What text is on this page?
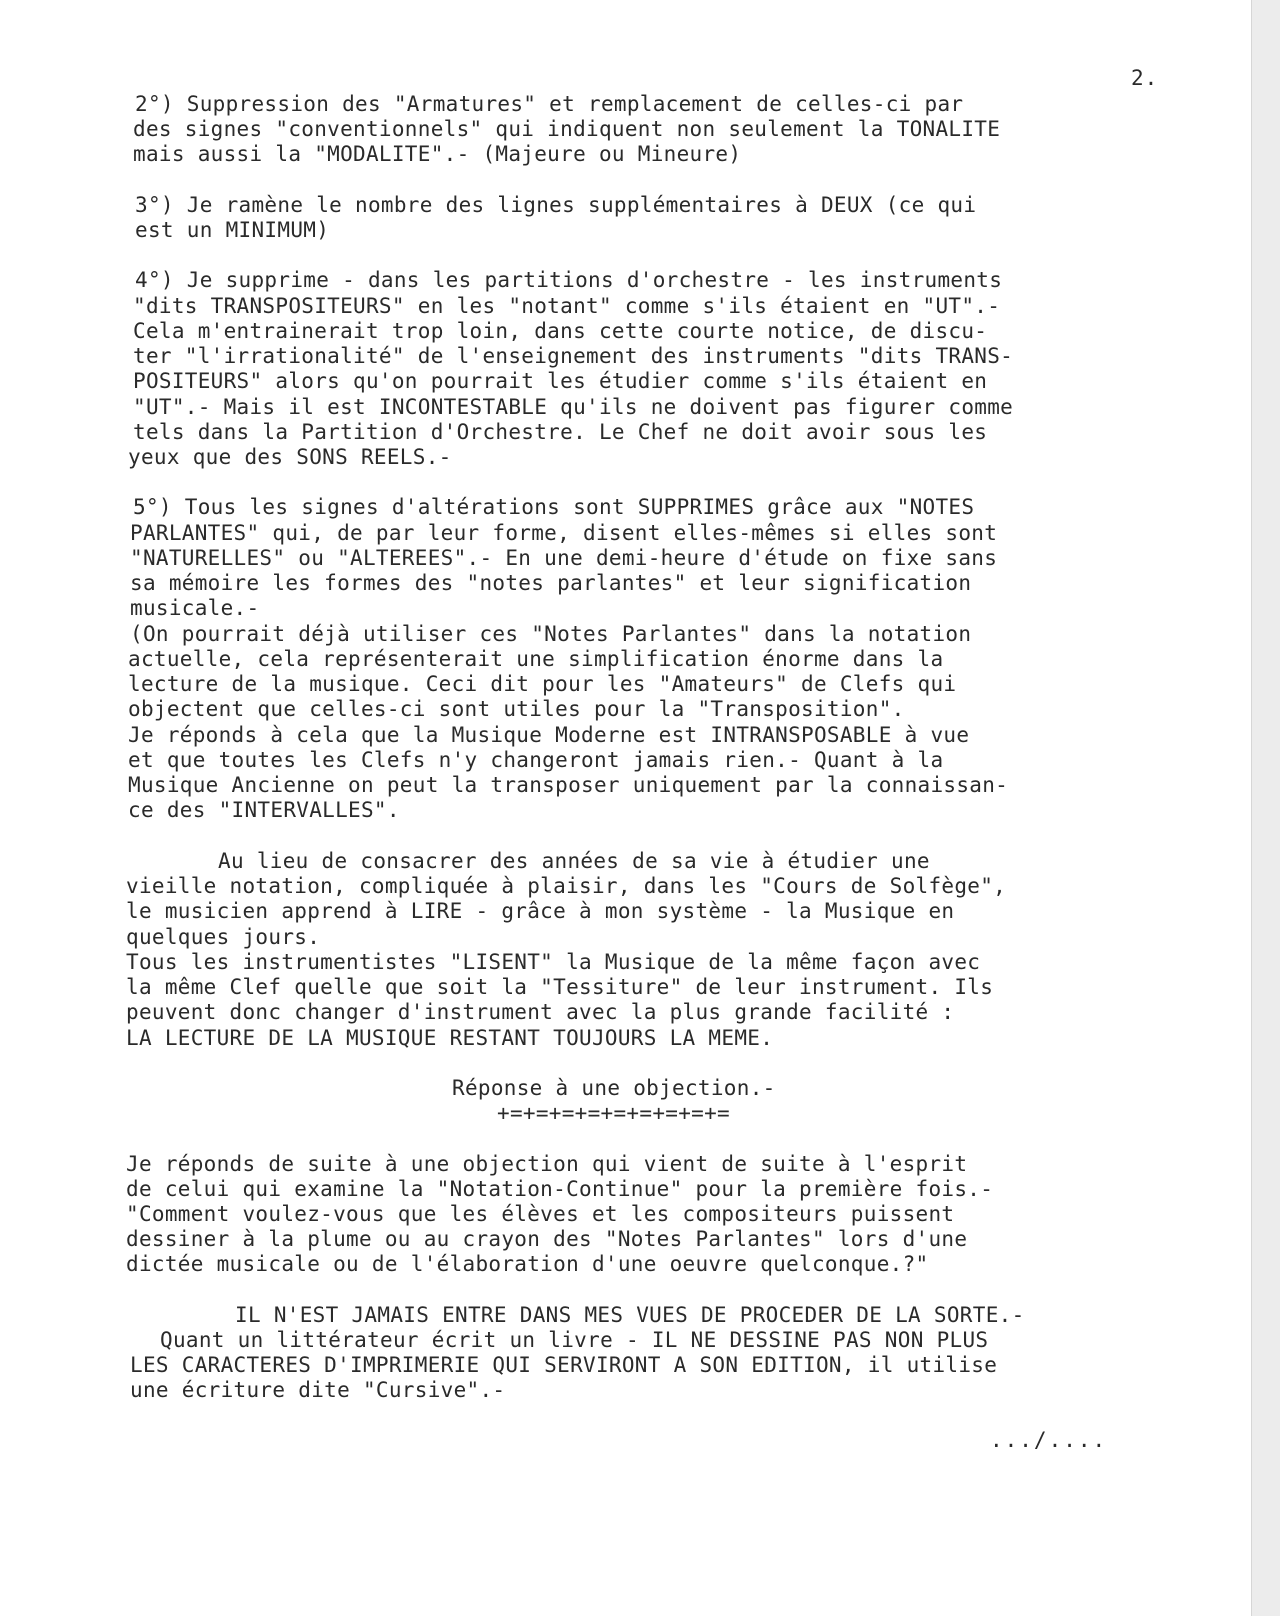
2.
2°) Suppression des "Armatures" et remplacement de celles-ci par
des signes "conventionnels" qui indiquent non seulement la TONALITE
mais aussi la "MODALITE".- (Majeure ou Mineure)
3°) Je ramène le nombre des lignes supplémentaires à DEUX (ce qui
est un MINIMUM)
4°) Je supprime - dans les partitions d'orchestre - les instruments
"dits TRANSPOSITEURS" en les "notant" comme s'ils étaient en "UT".-
Cela m'entrainerait trop loin, dans cette courte notice, de discu-
ter "l'irrationalité" de l'enseignement des instruments "dits TRANS-
POSITEURS" alors qu'on pourrait les étudier comme s'ils étaient en
"UT".- Mais il est INCONTESTABLE qu'ils ne doivent pas figurer comme
tels dans la Partition d'Orchestre. Le Chef ne doit avoir sous les
yeux que des SONS REELS.-
5°) Tous les signes d'altérations sont SUPPRIMES grâce aux "NOTES
PARLANTES" qui, de par leur forme, disent elles-mêmes si elles sont
"NATURELLES" ou "ALTEREES".- En une demi-heure d'étude on fixe sans
sa mémoire les formes des "notes parlantes" et leur signification
musicale.-
(On pourrait déjà utiliser ces "Notes Parlantes" dans la notation
actuelle, cela représenterait une simplification énorme dans la
lecture de la musique. Ceci dit pour les "Amateurs" de Clefs qui
objectent que celles-ci sont utiles pour la "Transposition".
Je réponds à cela que la Musique Moderne est INTRANSPOSABLE à vue
et que toutes les Clefs n'y changeront jamais rien.- Quant à la
Musique Ancienne on peut la transposer uniquement par la connaissan-
ce des "INTERVALLES".
Au lieu de consacrer des années de sa vie à étudier une
vieille notation, compliquée à plaisir, dans les "Cours de Solfège",
le musicien apprend à LIRE - grâce à mon système - la Musique en
quelques jours.
Tous les instrumentistes "LISENT" la Musique de la même façon avec
la même Clef quelle que soit la "Tessiture" de leur instrument. Ils
peuvent donc changer d'instrument avec la plus grande facilité :
LA LECTURE DE LA MUSIQUE RESTANT TOUJOURS LA MEME.
Réponse à une objection.-
+=+=+=+=+=+=+=+=+=
Je réponds de suite à une objection qui vient de suite à l'esprit
de celui qui examine la "Notation-Continue" pour la première fois.-
"Comment voulez-vous que les élèves et les compositeurs puissent
dessiner à la plume ou au crayon des "Notes Parlantes" lors d'une
dictée musicale ou de l'élaboration d'une oeuvre quelconque.?"
IL N'EST JAMAIS ENTRE DANS MES VUES DE PROCEDER DE LA SORTE.-
Quant un littérateur écrit un livre - IL NE DESSINE PAS NON PLUS
LES CARACTERES D'IMPRIMERIE QUI SERVIRONT A SON EDITION, il utilise
une écriture dite "Cursive".-
.../....
